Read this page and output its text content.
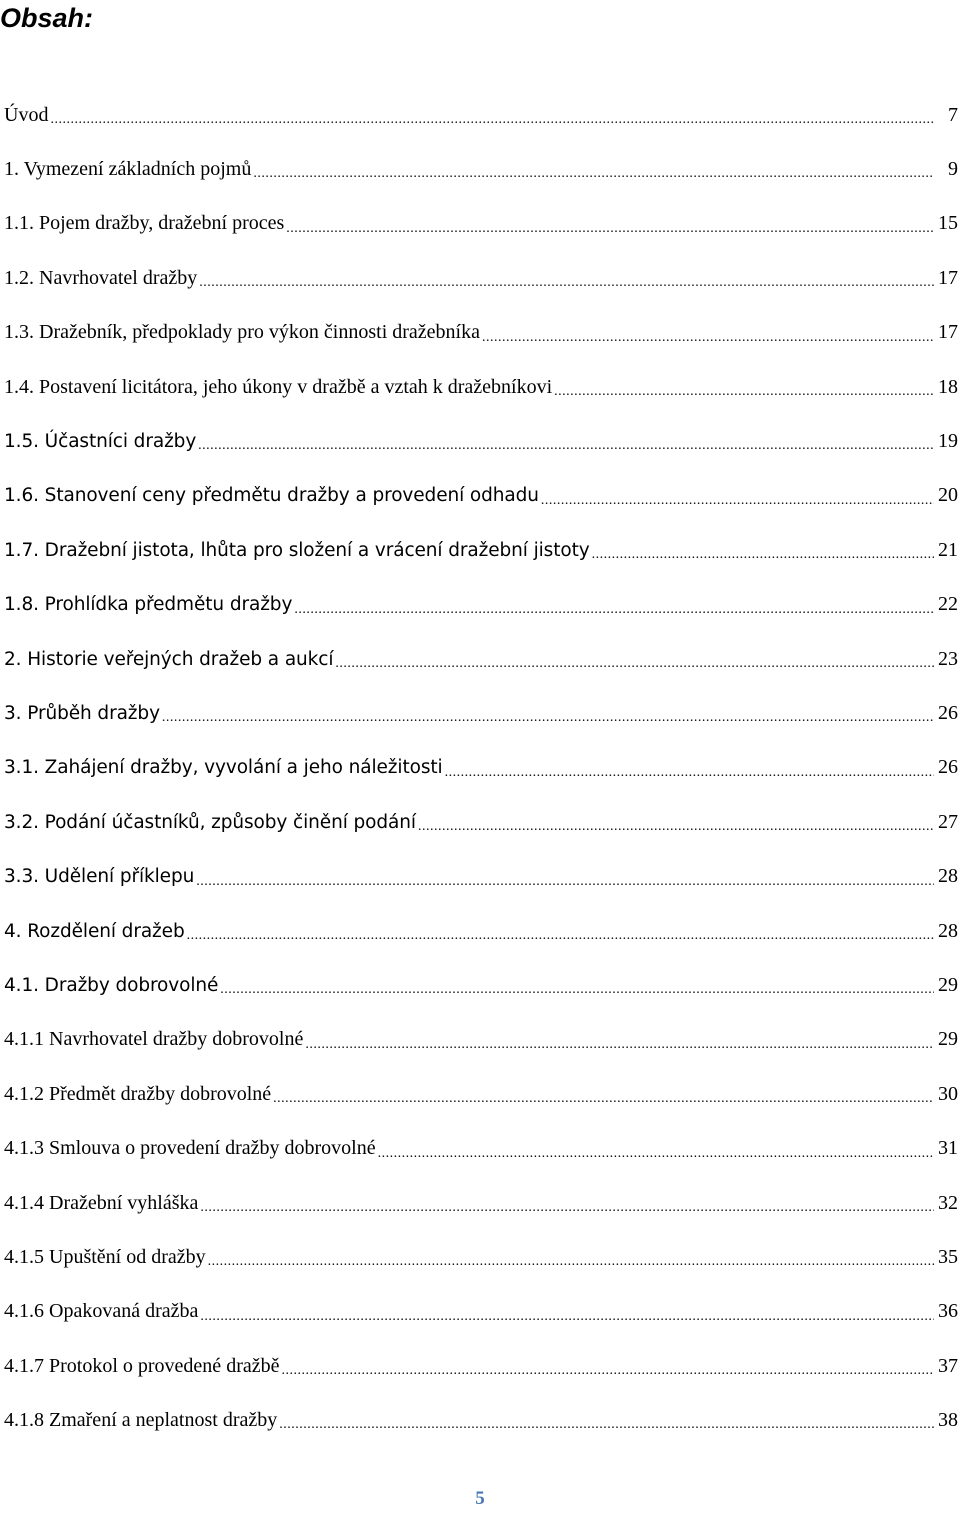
Obsah:
Úvod .....	7
1. Vymezení základních pojmů .....	9
1.1. Pojem dražby, dražební proces .....	15
1.2. Navrhovatel dražby .....	17
1.3. Dražebník, předpoklady pro výkon činnosti dražebníka .....	17
1.4. Postavení licitátora, jeho úkony v dražbě a vztah k dražebníkovi .....	18
1.5. Účastníci dražby .....	19
1.6. Stanovení ceny předmětu dražby a provedení odhadu .....	20
1.7. Dražební jistota, lhůta pro složení a vrácení dražební jistoty .....	21
1.8. Prohlídka předmětu dražby .....	22
2. Historie veřejných dražeb a aukcí .....	23
3. Průběh dražby .....	26
3.1. Zahájení dražby, vyvolání a jeho náležitosti .....	26
3.2. Podání účastníků, způsoby činění podání .....	27
3.3. Udělení příklepu .....	28
4. Rozdělení dražeb .....	28
4.1. Dražby dobrovolné .....	29
4.1.1 Navrhovatel dražby dobrovolné .....	29
4.1.2 Předmět dražby dobrovolné .....	30
4.1.3 Smlouva o provedení dražby dobrovolné .....	31
4.1.4 Dražební vyhláška .....	32
4.1.5 Upuštění od dražby .....	35
4.1.6 Opakovaná dražba .....	36
4.1.7 Protokol o provedené dražbě .....	37
4.1.8 Zmaření a neplatnost dražby .....	38
5
